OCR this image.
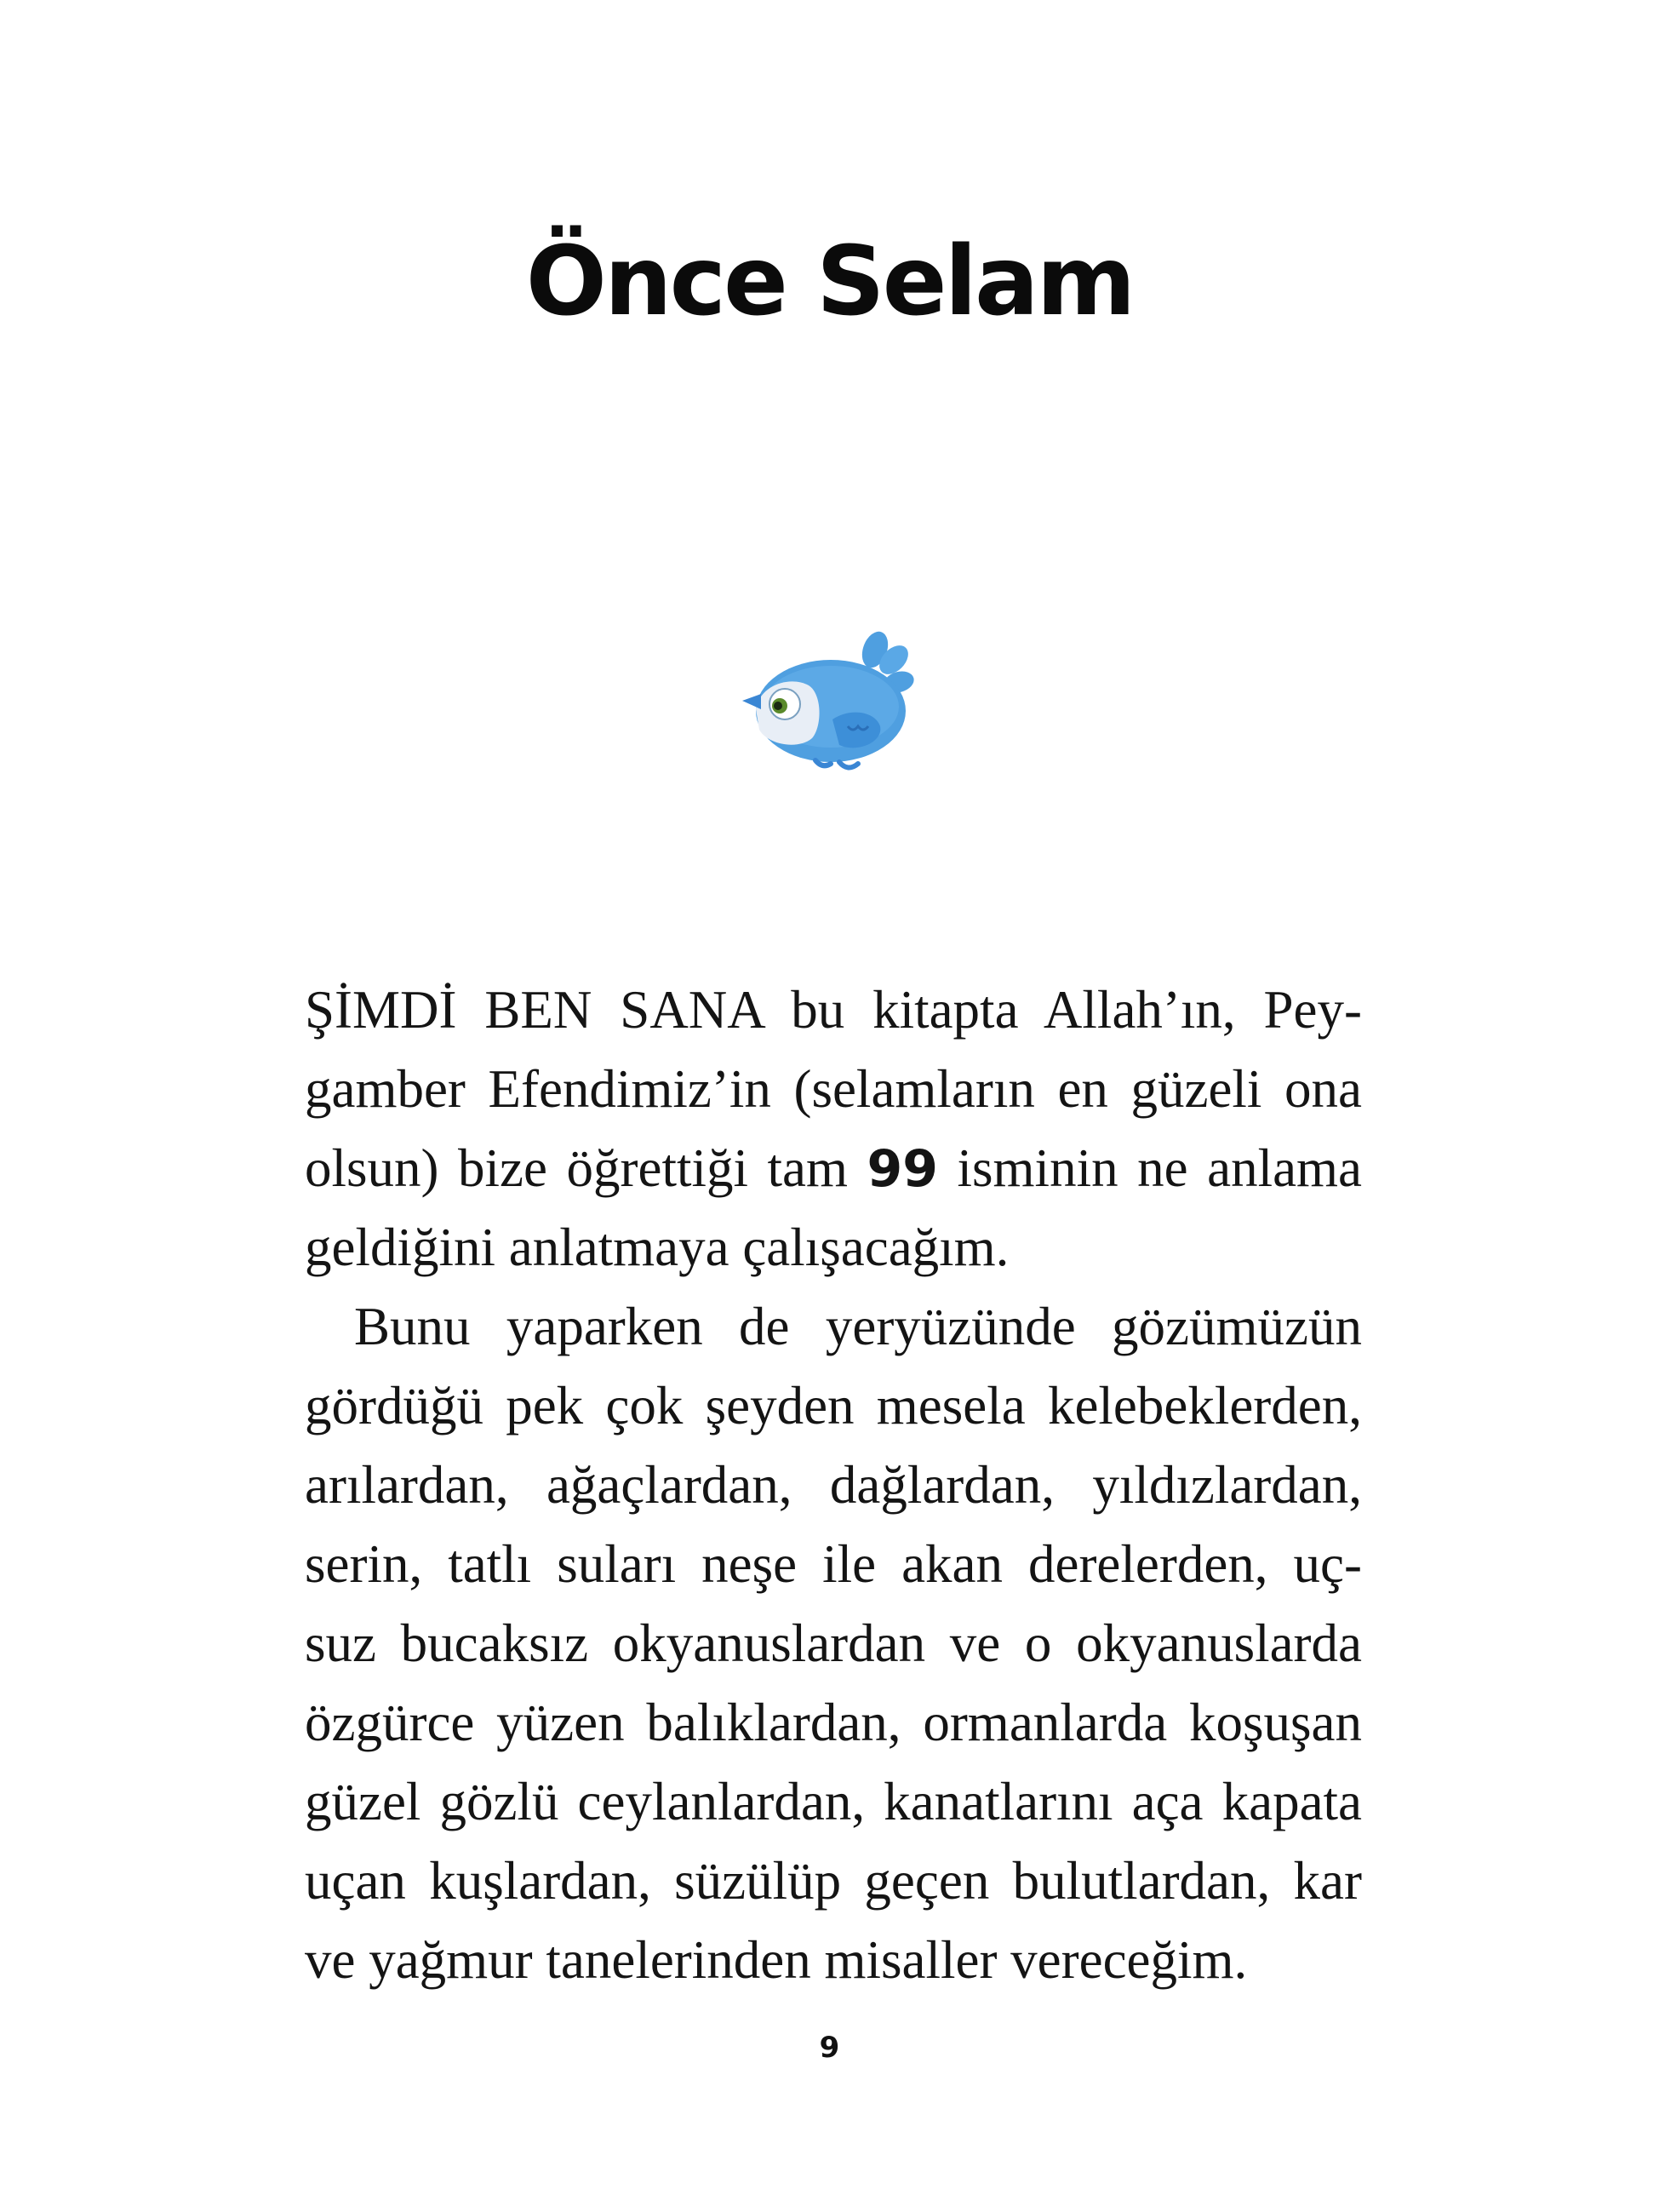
Önce Selam
ŞİMDİ BEN SANA bu kitapta Allah’ın, Pey-
gamber Efendimiz’in (selamların en güzeli ona
olsun) bize öğrettiği tam 99 isminin ne anlama
geldiğini anlatmaya çalışacağım.
Bunu yaparken de yeryüzünde gözümüzün
gördüğü pek çok şeyden mesela kelebeklerden,
arılardan, ağaçlardan, dağlardan, yıldızlardan,
serin, tatlı suları neşe ile akan derelerden, uç-
suz bucaksız okyanuslardan ve o okyanuslarda
özgürce yüzen balıklardan, ormanlarda koşuşan
güzel gözlü ceylanlardan, kanatlarını aça kapata
uçan kuşlardan, süzülüp geçen bulutlardan, kar
ve yağmur tanelerinden misaller vereceğim.
9
